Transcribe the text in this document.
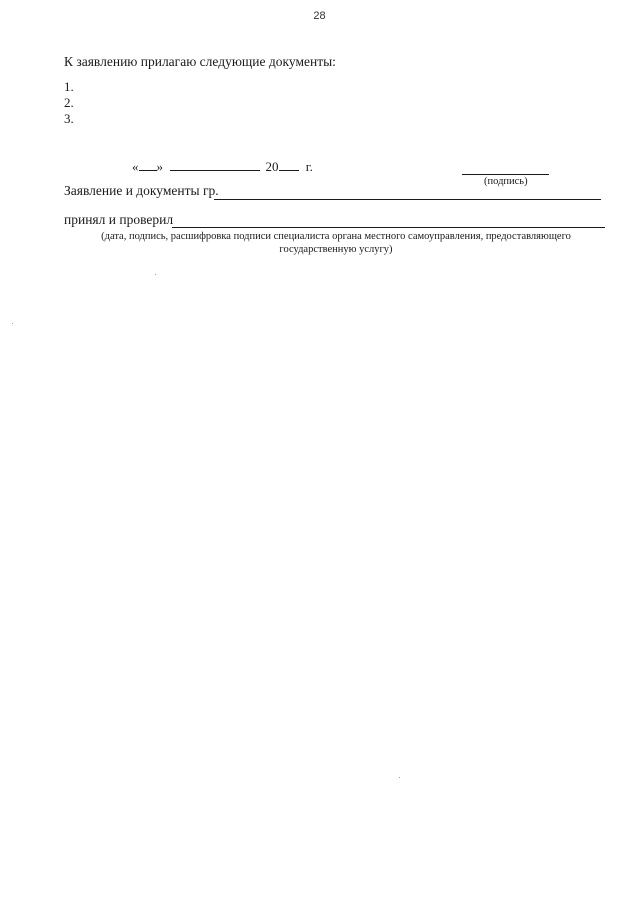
28
К заявлению прилагаю следующие документы:
1.
2.
3.
« »	20 г.
(подпись)
Заявление и документы гр.
принял и проверил
(дата, подпись, расшифровка подписи специалиста органа местного самоуправления, предоставляющего
государственную услугу)
